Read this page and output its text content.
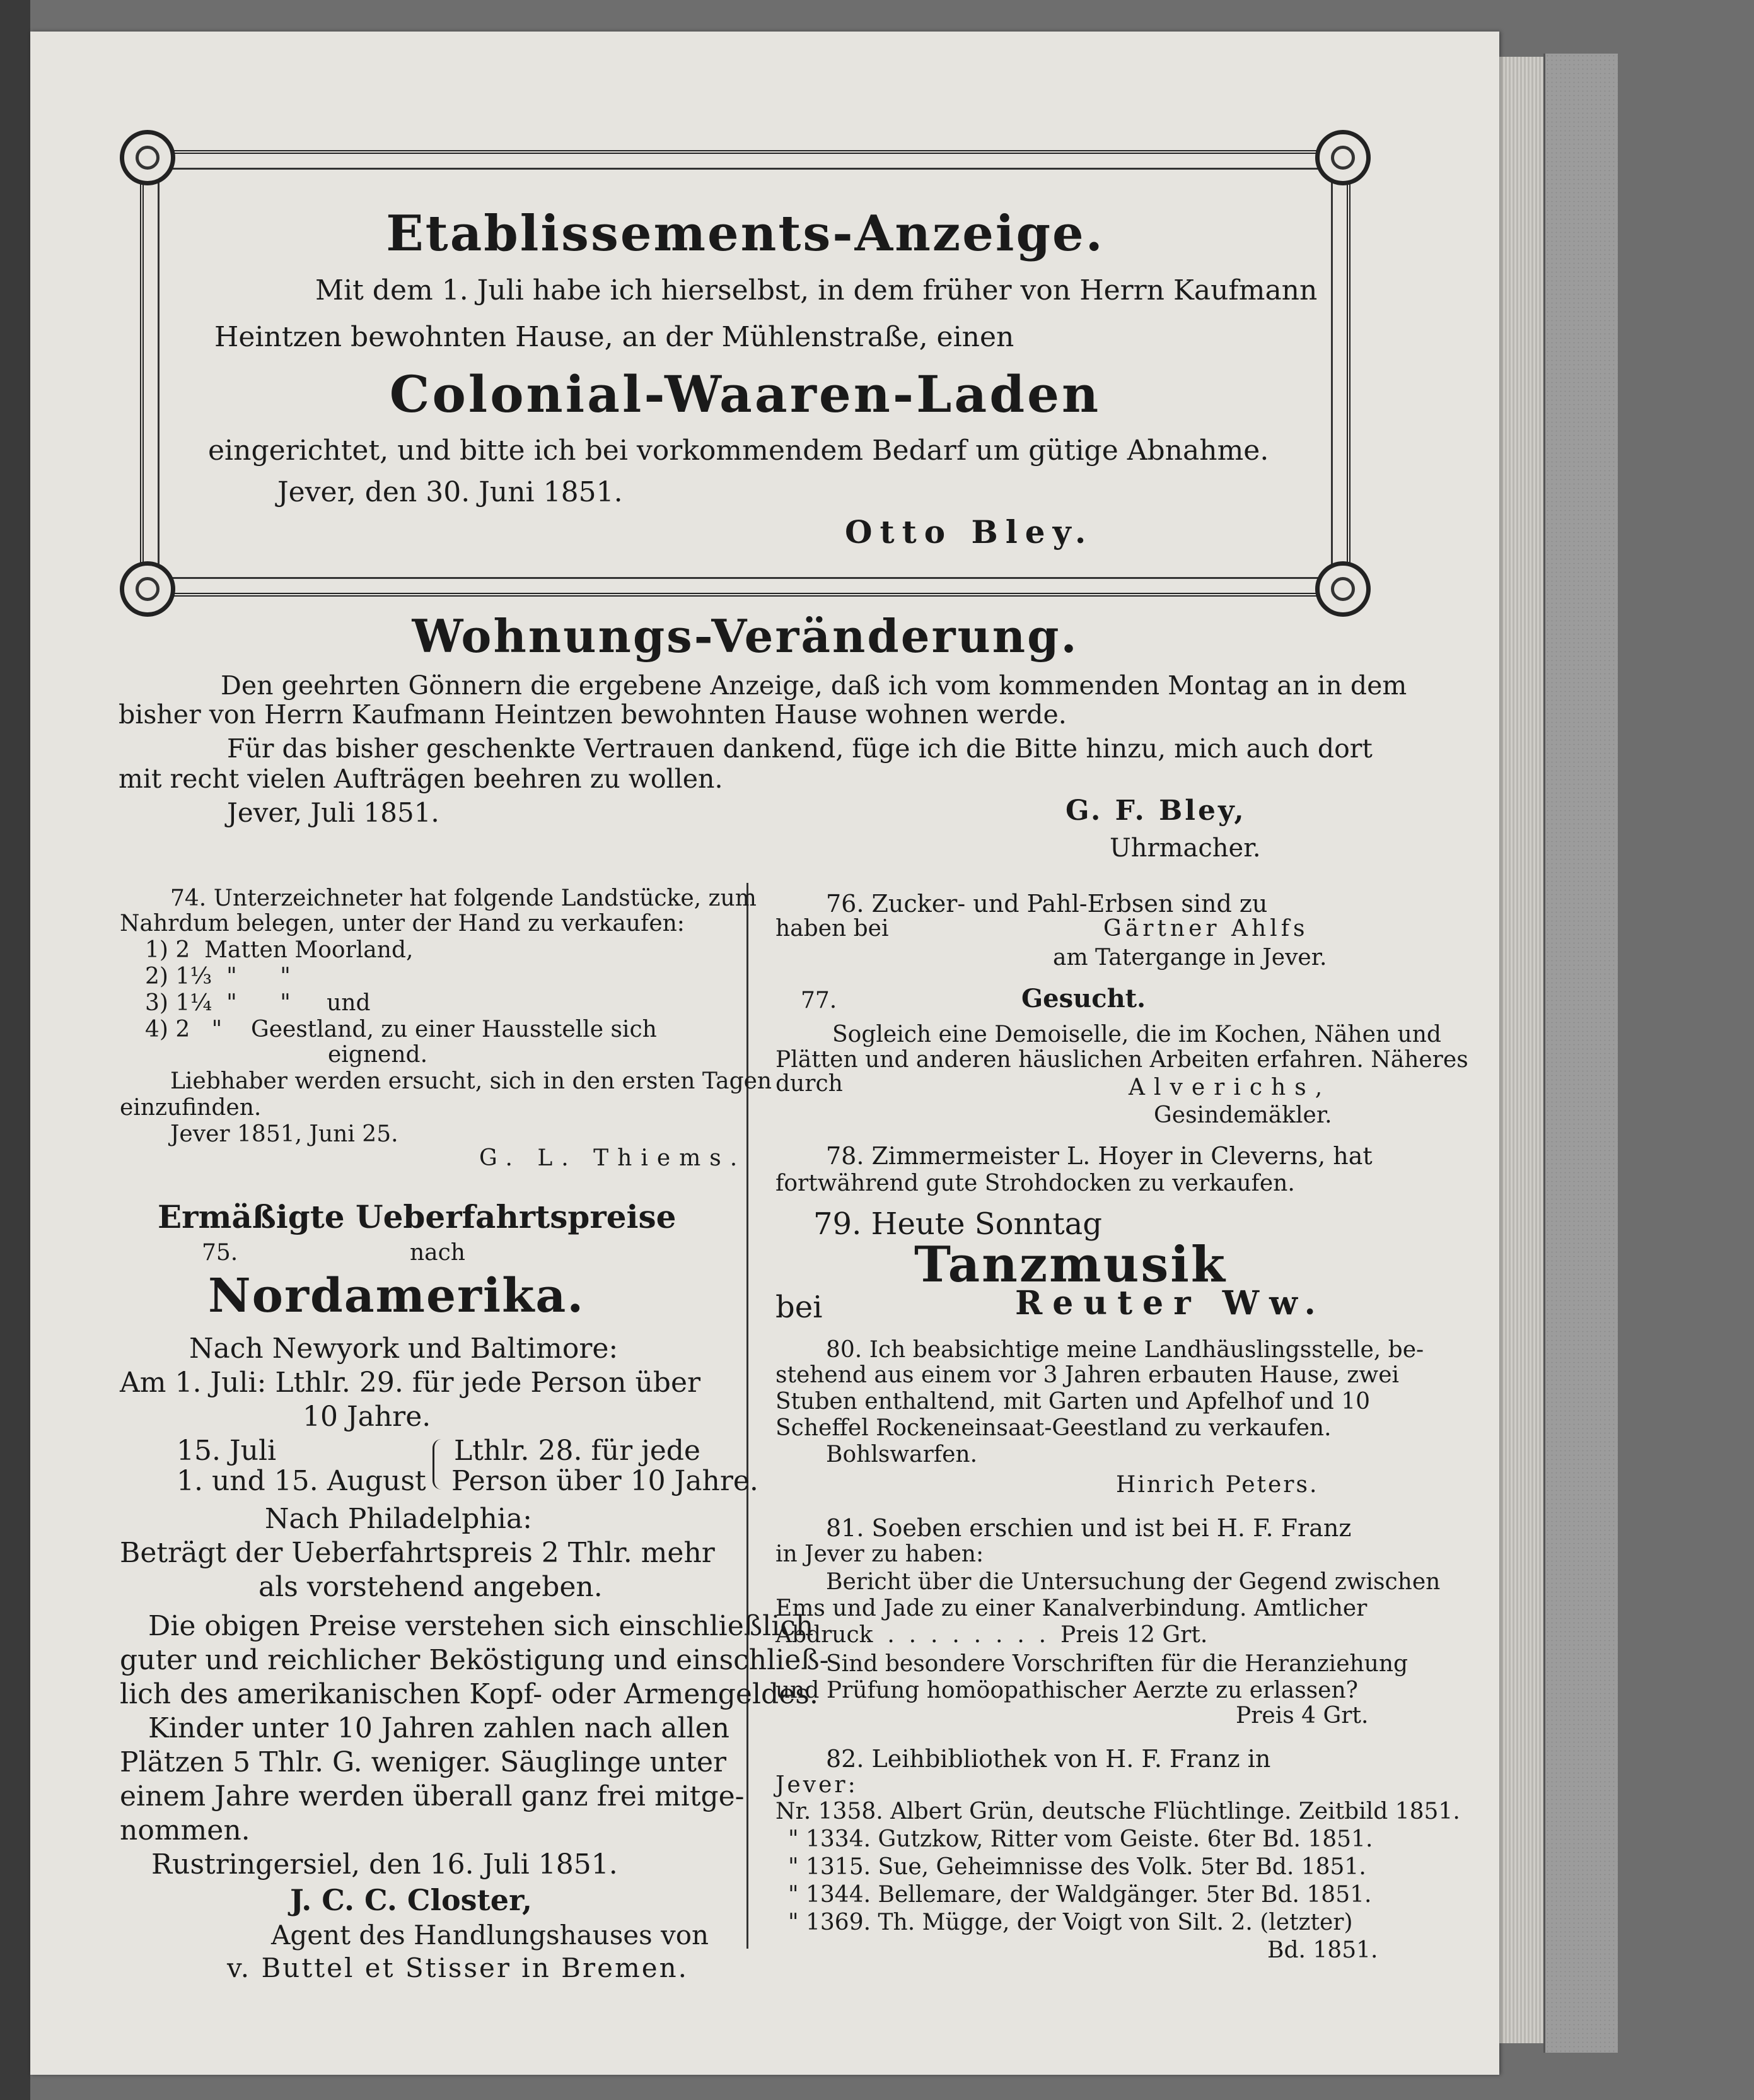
Etablissements-Anzeige.
Mit dem 1. Juli habe ich hierselbst, in dem früher von Herrn Kaufmann
Heintzen bewohnten Hause, an der Mühlenstraße, einen
Colonial-Waaren-Laden
eingerichtet, und bitte ich bei vorkommendem Bedarf um gütige Abnahme.
Jever, den 30. Juni 1851.
Otto Bley.
Wohnungs-Veränderung.
Den geehrten Gönnern die ergebene Anzeige, daß ich vom kommenden Montag an in dem
bisher von Herrn Kaufmann Heintzen bewohnten Hause wohnen werde.
Für das bisher geschenkte Vertrauen dankend, füge ich die Bitte hinzu, mich auch dort
mit recht vielen Aufträgen beehren zu wollen.
Jever, Juli 1851.	G. F. Bley,
Uhrmacher.
74. Unterzeichneter hat folgende Landstücke, zum
Nahrdum belegen, unter der Hand zu verkaufen:
1) 2  Matten Moorland,
2) 1⅓  "      "
3) 1¼  "      "     und
4) 2   "    Geestland, zu einer Hausstelle sich
eignend.
Liebhaber werden ersucht, sich in den ersten Tagen
einzufinden.
Jever 1851, Juni 25.
G. L. Thiems.
Ermäßigte Ueberfahrtspreise
75.	nach
Nordamerika.
Nach Newyork und Baltimore:
Am 1. Juli: Lthlr. 29. für jede Person über
10 Jahre.
15. Juli	Lthlr. 28. für jede
1. und 15. August Person über 10 Jahre.
Nach Philadelphia:
Beträgt der Ueberfahrtspreis 2 Thlr. mehr
als vorstehend angeben.
Die obigen Preise verstehen sich einschließlich
guter und reichlicher Beköstigung und einschließ-
lich des amerikanischen Kopf- oder Armengeldes.
Kinder unter 10 Jahren zahlen nach allen
Plätzen 5 Thlr. G. weniger. Säuglinge unter
einem Jahre werden überall ganz frei mitge-
nommen.
Rustringersiel, den 16. Juli 1851.
J. C. C. Closter,
Agent des Handlungshauses von
v. Buttel et Stisser in Bremen.
76. Zucker- und Pahl-Erbsen sind zu
haben bei	Gärtner Ahlfs
am Tatergange in Jever.
77.	Gesucht.
Sogleich eine Demoiselle, die im Kochen, Nähen und
Plätten und anderen häuslichen Arbeiten erfahren. Näheres
durch	Alverichs,
Gesindemäkler.
78. Zimmermeister L. Hoyer in Cleverns, hat
fortwährend gute Strohdocken zu verkaufen.
79. Heute Sonntag
Tanzmusik
bei	Reuter Ww.
80. Ich beabsichtige meine Landhäuslingsstelle, be-
stehend aus einem vor 3 Jahren erbauten Hause, zwei
Stuben enthaltend, mit Garten und Apfelhof und 10
Scheffel Rockeneinsaat-Geestland zu verkaufen.
Bohlswarfen.
Hinrich Peters.
81. Soeben erschien und ist bei H. F. Franz
in Jever zu haben:
Bericht über die Untersuchung der Gegend zwischen
Ems und Jade zu einer Kanalverbindung. Amtlicher
Abdruck  .  .  .  .  .  .  .  .  Preis 12 Grt.
Sind besondere Vorschriften für die Heranziehung
und Prüfung homöopathischer Aerzte zu erlassen?
Preis 4 Grt.
82. Leihbibliothek von H. F. Franz in
Jever:
Nr. 1358. Albert Grün, deutsche Flüchtlinge. Zeitbild 1851.
" 1334. Gutzkow, Ritter vom Geiste. 6ter Bd. 1851.
" 1315. Sue, Geheimnisse des Volk. 5ter Bd. 1851.
" 1344. Bellemare, der Waldgänger. 5ter Bd. 1851.
" 1369. Th. Mügge, der Voigt von Silt. 2. (letzter)
Bd. 1851.
